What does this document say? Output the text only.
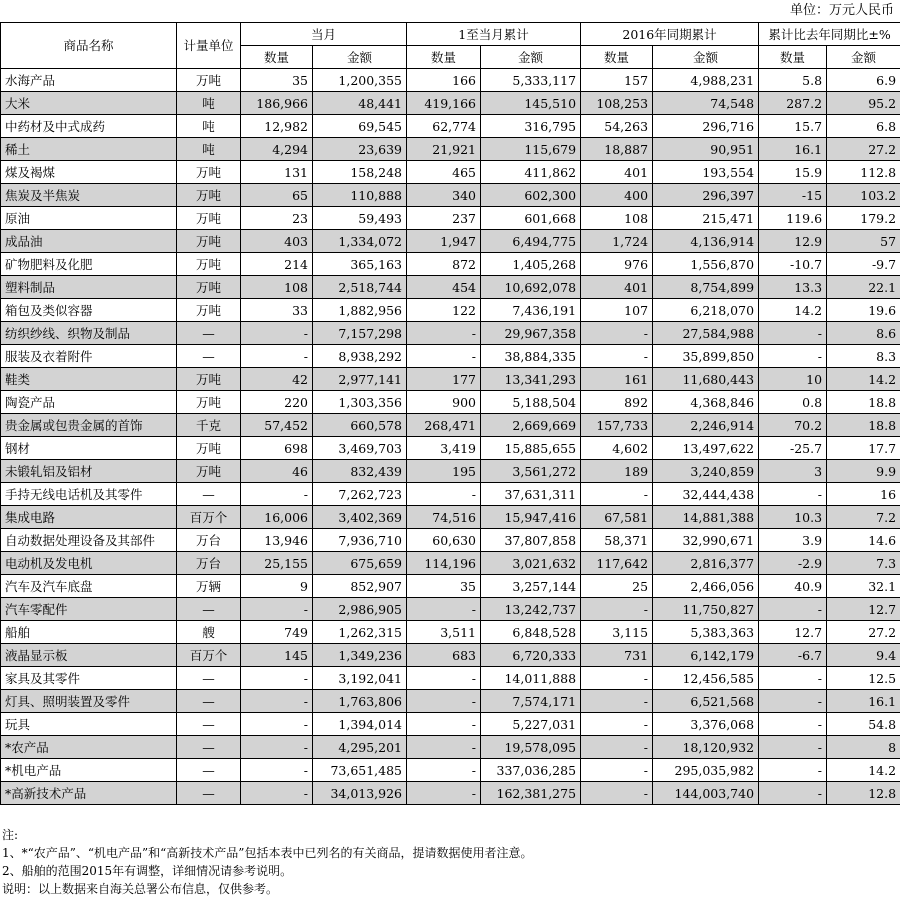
单位：万元人民币
商品名称	计量单位	当月		1至当月累计		2016年同期累计		累计比去年同期比±%	
		数量	金额	数量	金额	数量	金额	数量	金额
水海产品	万吨	35	1,200,355	166	5,333,117	157	4,988,231	5.8	6.9
大米	吨	186,966	48,441	419,166	145,510	108,253	74,548	287.2	95.2
中药材及中式成药	吨	12,982	69,545	62,774	316,795	54,263	296,716	15.7	6.8
稀土	吨	4,294	23,639	21,921	115,679	18,887	90,951	16.1	27.2
煤及褐煤	万吨	131	158,248	465	411,862	401	193,554	15.9	112.8
焦炭及半焦炭	万吨	65	110,888	340	602,300	400	296,397	-15	103.2
原油	万吨	23	59,493	237	601,668	108	215,471	119.6	179.2
成品油	万吨	403	1,334,072	1,947	6,494,775	1,724	4,136,914	12.9	57
矿物肥料及化肥	万吨	214	365,163	872	1,405,268	976	1,556,870	-10.7	-9.7
塑料制品	万吨	108	2,518,744	454	10,692,078	401	8,754,899	13.3	22.1
箱包及类似容器	万吨	33	1,882,956	122	7,436,191	107	6,218,070	14.2	19.6
纺织纱线、织物及制品	—	-	7,157,298	-	29,967,358	-	27,584,988	-	8.6
服装及衣着附件	—	-	8,938,292	-	38,884,335	-	35,899,850	-	8.3
鞋类	万吨	42	2,977,141	177	13,341,293	161	11,680,443	10	14.2
陶瓷产品	万吨	220	1,303,356	900	5,188,504	892	4,368,846	0.8	18.8
贵金属或包贵金属的首饰	千克	57,452	660,578	268,471	2,669,669	157,733	2,246,914	70.2	18.8
钢材	万吨	698	3,469,703	3,419	15,885,655	4,602	13,497,622	-25.7	17.7
未锻轧铝及铝材	万吨	46	832,439	195	3,561,272	189	3,240,859	3	9.9
手持无线电话机及其零件	—	-	7,262,723	-	37,631,311	-	32,444,438	-	16
集成电路	百万个	16,006	3,402,369	74,516	15,947,416	67,581	14,881,388	10.3	7.2
自动数据处理设备及其部件	万台	13,946	7,936,710	60,630	37,807,858	58,371	32,990,671	3.9	14.6
电动机及发电机	万台	25,155	675,659	114,196	3,021,632	117,642	2,816,377	-2.9	7.3
汽车及汽车底盘	万辆	9	852,907	35	3,257,144	25	2,466,056	40.9	32.1
汽车零配件	—	-	2,986,905	-	13,242,737	-	11,750,827	-	12.7
船舶	艘	749	1,262,315	3,511	6,848,528	3,115	5,383,363	12.7	27.2
液晶显示板	百万个	145	1,349,236	683	6,720,333	731	6,142,179	-6.7	9.4
家具及其零件	—	-	3,192,041	-	14,011,888	-	12,456,585	-	12.5
灯具、照明装置及零件	—	-	1,763,806	-	7,574,171	-	6,521,568	-	16.1
玩具	—	-	1,394,014	-	5,227,031	-	3,376,068	-	54.8
*农产品	—	-	4,295,201	-	19,578,095	-	18,120,932	-	8
*机电产品	—	-	73,651,485	-	337,036,285	-	295,035,982	-	14.2
*高新技术产品	—	-	34,013,926	-	162,381,275	-	144,003,740	-	12.8
注:
1、*“农产品”、“机电产品”和“高新技术产品”包括本表中已列名的有关商品，提请数据使用者注意。
2、船舶的范围2015年有调整，详细情况请参考说明。
说明：以上数据来自海关总署公布信息，仅供参考。
